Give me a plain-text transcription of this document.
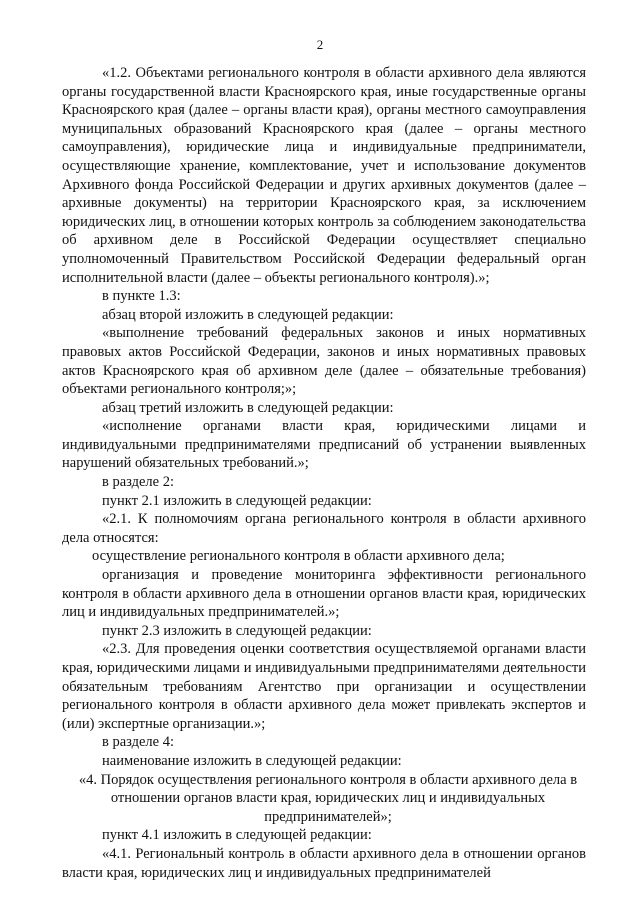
2

«1.2. Объектами регионального контроля в области архивного дела являются органы государственной власти Красноярского края, иные государственные органы Красноярского края (далее – органы власти края), органы местного самоуправления муниципальных образований Красноярского края (далее – органы местного самоуправления), юридические лица и индивидуальные предприниматели, осуществляющие хранение, комплектование, учет и использование документов Архивного фонда Российской Федерации и других архивных документов (далее – архивные документы) на территории Красноярского края, за исключением юридических лиц, в отношении которых контроль за соблюдением законодательства об архивном деле в Российской Федерации осуществляет специально уполномоченный Правительством Российской Федерации федеральный орган исполнительной власти (далее – объекты регионального контроля).»;

в пункте 1.3:

абзац второй изложить в следующей редакции:

«выполнение требований федеральных законов и иных нормативных правовых актов Российской Федерации, законов и иных нормативных правовых актов Красноярского края об архивном деле (далее – обязательные требования) объектами регионального контроля;»;

абзац третий изложить в следующей редакции:

«исполнение органами власти края, юридическими лицами и индивидуальными предпринимателями предписаний об устранении выявленных нарушений обязательных требований.»;

в разделе 2:

пункт 2.1 изложить в следующей редакции:

«2.1. К полномочиям органа регионального контроля в области архивного дела относятся:

осуществление регионального контроля в области архивного дела;

организация и проведение мониторинга эффективности регионального контроля в области архивного дела в отношении органов власти края, юридических лиц и индивидуальных предпринимателей.»;

пункт 2.3 изложить в следующей редакции:

«2.3. Для проведения оценки соответствия осуществляемой органами власти края, юридическими лицами и индивидуальными предпринимателями деятельности обязательным требованиям Агентство при организации и осуществлении регионального контроля в области архивного дела может привлекать экспертов и (или) экспертные организации.»;

в разделе 4:

наименование изложить в следующей редакции:

«4. Порядок осуществления регионального контроля в области архивного дела в отношении органов власти края, юридических лиц и индивидуальных предпринимателей»;

пункт 4.1 изложить в следующей редакции:

«4.1. Региональный контроль в области архивного дела в отношении органов власти края, юридических лиц и индивидуальных предпринимателей
